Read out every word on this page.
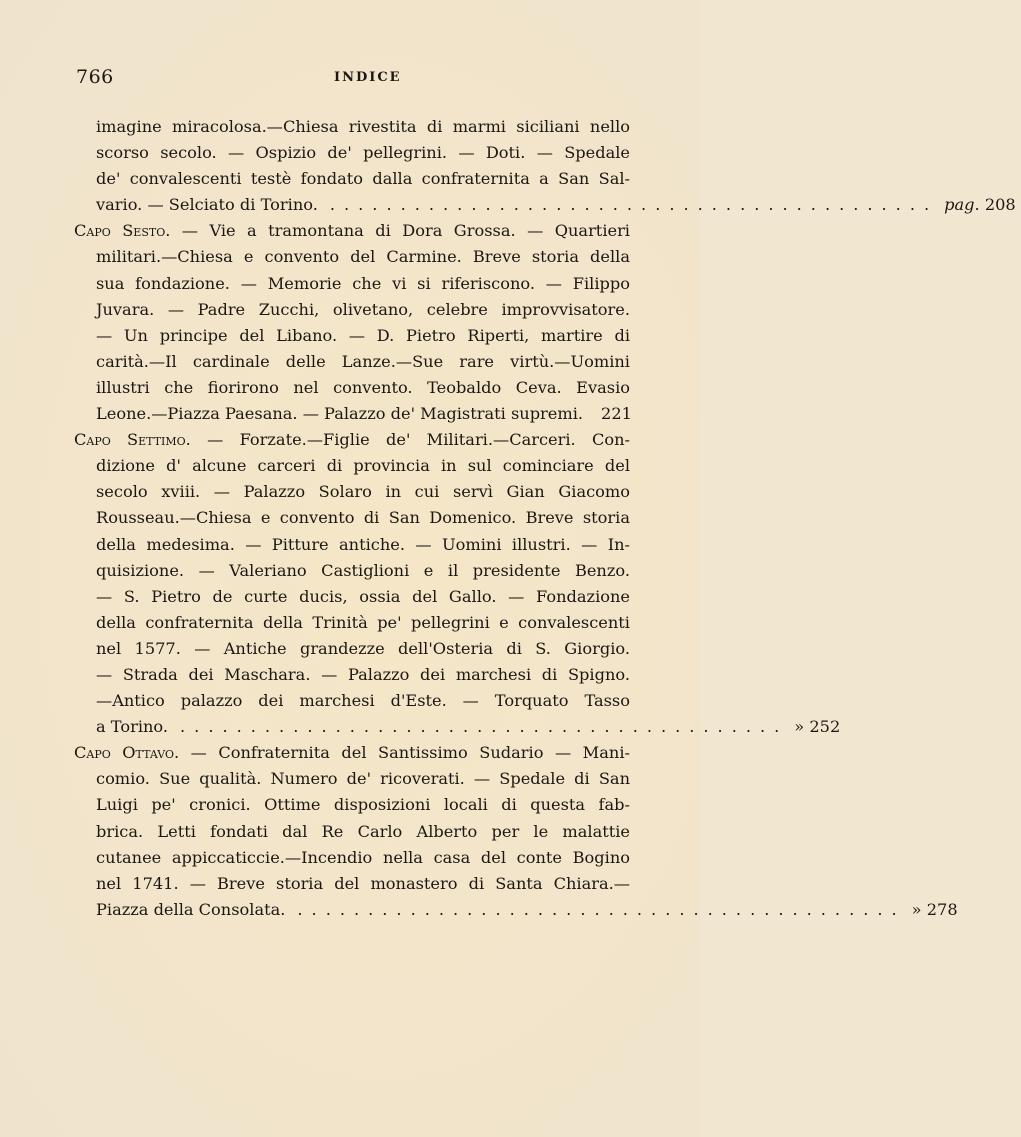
766	INDICE
imagine miracolosa.—Chiesa rivestita di marmi siciliani nello
scorso secolo. — Ospizio de' pellegrini. — Doti. — Spedale
de' convalescenti testè fondato dalla confraternita a San Sal-
vario. — Selciato di Torino. ........................................... pag. 208
Capo Sesto. — Vie a tramontana di Dora Grossa. — Quartieri
militari.—Chiesa e convento del Carmine. Breve storia della
sua fondazione. — Memorie che vi si riferiscono. — Filippo
Juvara. — Padre Zucchi, olivetano, celebre improvvisatore.
— Un principe del Libano. — D. Pietro Riperti, martire di
carità.—Il cardinale delle Lanze.—Sue rare virtù.—Uomini
illustri che fiorirono nel convento. Teobaldo Ceva. Evasio
Leone.—Piazza Paesana. — Palazzo de' Magistrati supremi.	221
Capo Settimo. — Forzate.—Figlie de' Militari.—Carceri. Con-
dizione d' alcune carceri di provincia in sul cominciare del
secolo xviii. — Palazzo Solaro in cui servì Gian Giacomo
Rousseau.—Chiesa e convento di San Domenico. Breve storia
della medesima. — Pitture antiche. — Uomini illustri. — In-
quisizione. — Valeriano Castiglioni e il presidente Benzo.
— S. Pietro de curte ducis, ossia del Gallo. — Fondazione
della confraternita della Trinità pe' pellegrini e convalescenti
nel 1577. — Antiche grandezze dell'Osteria di S. Giorgio.
— Strada dei Maschara. — Palazzo dei marchesi di Spigno.
—Antico palazzo dei marchesi d'Este. — Torquato Tasso
a Torino. ........................................... » 252
Capo Ottavo. — Confraternita del Santissimo Sudario — Mani-
comio. Sue qualità. Numero de' ricoverati. — Spedale di San
Luigi pe' cronici. Ottime disposizioni locali di questa fab-
brica. Letti fondati dal Re Carlo Alberto per le malattie
cutanee appiccaticcie.—Incendio nella casa del conte Bogino
nel 1741. — Breve storia del monastero di Santa Chiara.—
Piazza della Consolata. ........................................... » 278
